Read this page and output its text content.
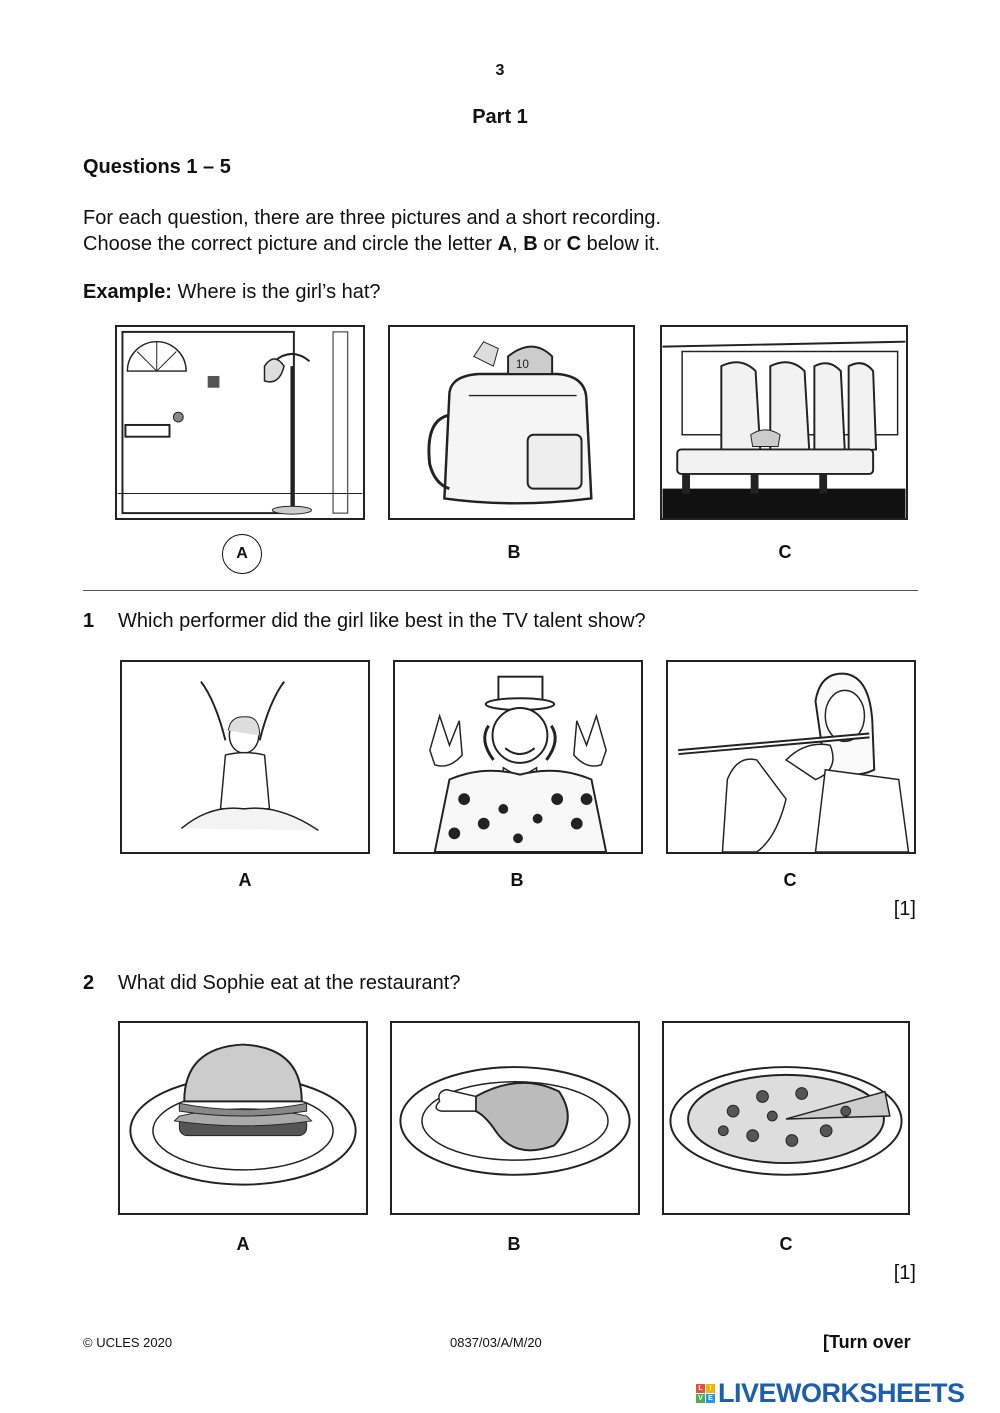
3
Part 1
Questions 1 – 5
For each question, there are three pictures and a short recording.
Choose the correct picture and circle the letter A, B or C below it.
Example: Where is the girl’s hat?
10
A	B	C
1 Which performer did the girl like best in the TV talent show?
A	B	C
[1]
2 What did Sophie eat at the restaurant?
A	B	C
[1]
© UCLES 2020	0837/03/A/M/20	[Turn over
L I
V E LIVEWORKSHEETS
